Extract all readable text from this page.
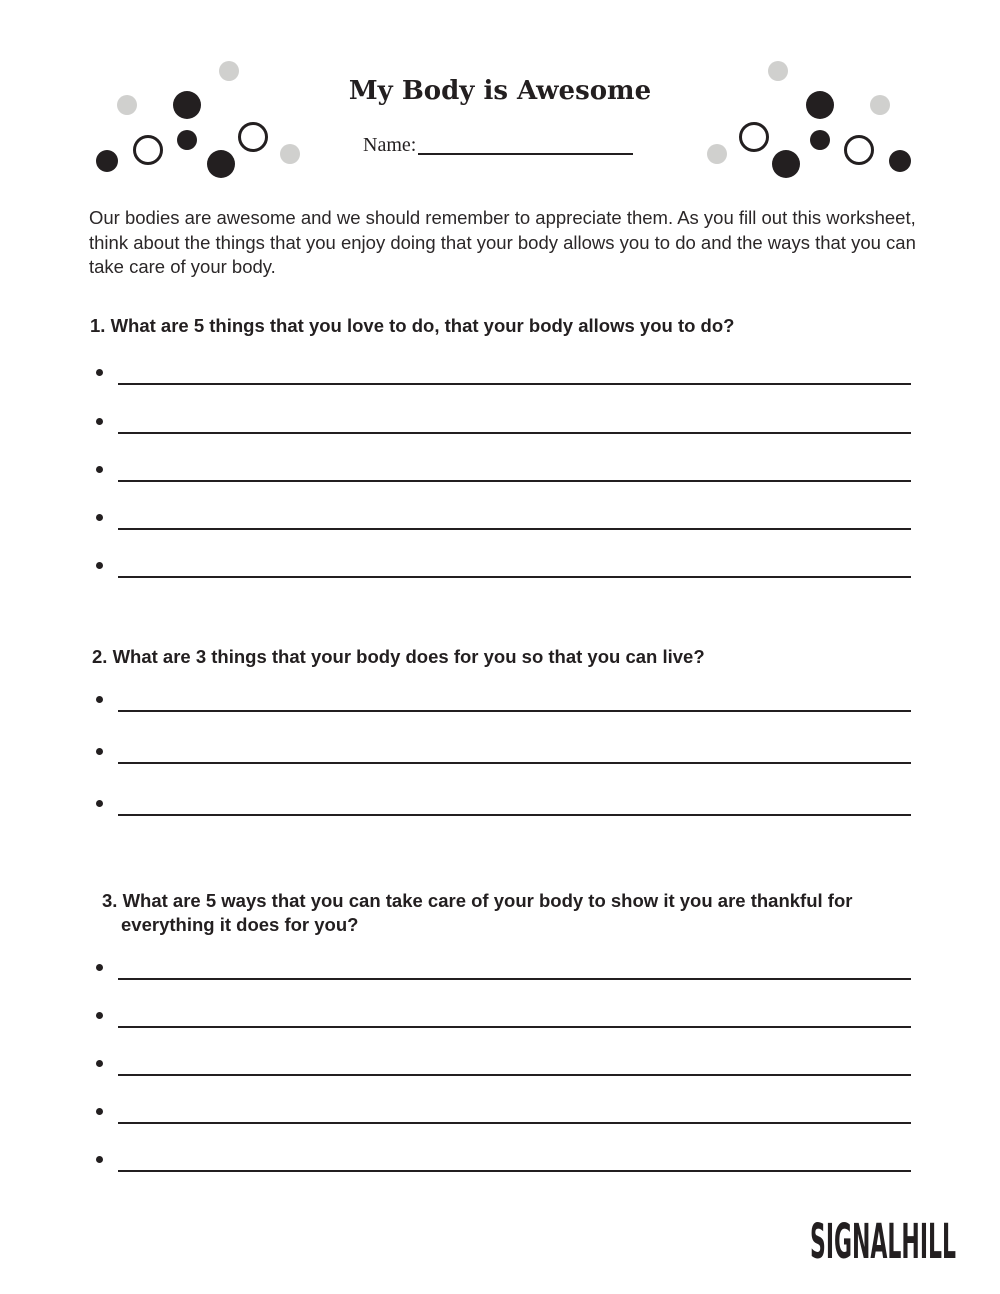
My Body is Awesome
Name:

Our bodies are awesome and we should remember to appreciate them. As you fill out this worksheet, think about the things that you enjoy doing that your body allows you to do and the ways that you can take care of your body.

1. What are 5 things that you love to do, that your body allows you to do?

2. What are 3 things that your body does for you so that you can live?

3. What are 5 ways that you can take care of your body to show it you are thankful for everything it does for you?

SIGNALHILL
